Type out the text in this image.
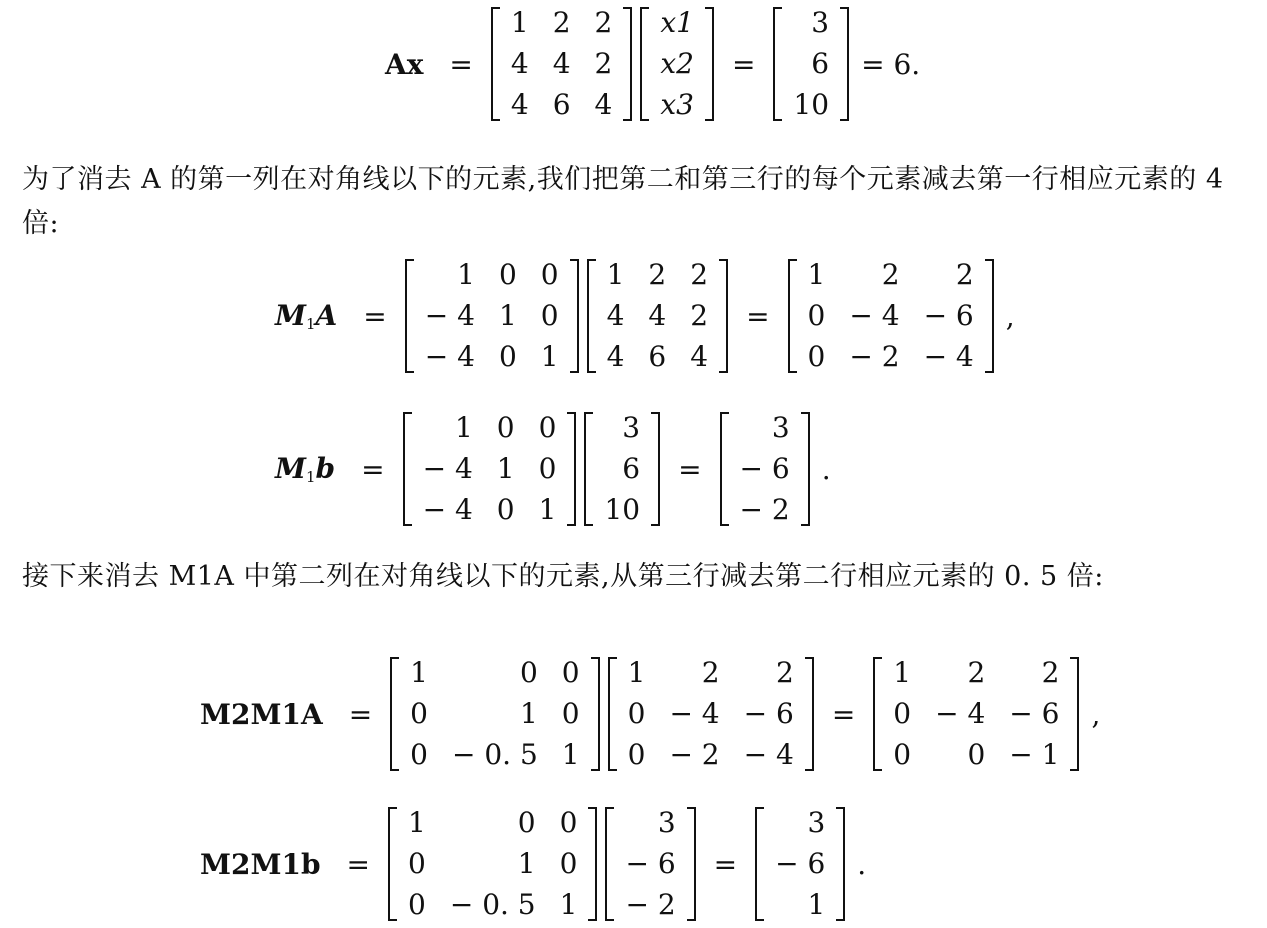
Ax =
1 2 2
4 4 2
4 6 4
x1
x2
x3
=
3
6
10
= 6.
为了消去 A 的第一列在对角线以下的元素,我们把第二和第三行的每个元素减去第一行相应元素的 4 倍:
$M_1A$ =
1 0 0
− 4 1 0
− 4 0 1
1 2 2
4 4 2
4 6 4
=
1	2	2
0 − 4 − 6
0 − 2 − 4
,
$M_1b$ =
1 0 0
− 4 1 0
− 4 0 1
3
6
10
=
3
− 6
− 2
.
接下来消去 M1A 中第二列在对角线以下的元素,从第三行减去第二行相应元素的 0. 5 倍:
M2M1A =
1	0 0
0	1 0
0 − 0. 5 1
1	2	2
0 − 4 − 6
0 − 2 − 4
=
1	2	2
0 − 4 − 6
0	0 − 1
,
M2M1b =
1	0 0
0	1 0
0 − 0. 5 1
3
− 6
− 2
=
3
− 6
1
.
